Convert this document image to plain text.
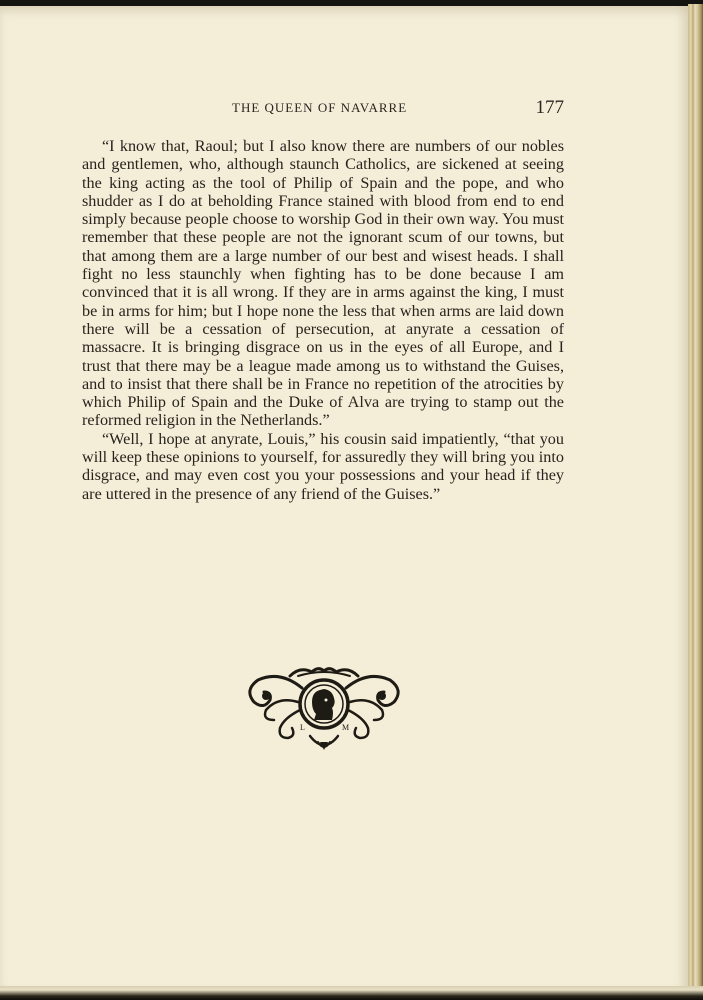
THE QUEEN OF NAVARRE	177

“I know that, Raoul; but I also know there are numbers of our nobles and gentlemen, who, although staunch Catholics, are sickened at seeing the king acting as the tool of Philip of Spain and the pope, and who shudder as I do at beholding France stained with blood from end to end simply because people choose to worship God in their own way. You must remember that these people are not the ignorant scum of our towns, but that among them are a large number of our best and wisest heads. I shall fight no less staunchly when fighting has to be done because I am convinced that it is all wrong. If they are in arms against the king, I must be in arms for him; but I hope none the less that when arms are laid down there will be a cessation of persecution, at anyrate a cessation of massacre. It is bringing disgrace on us in the eyes of all Europe, and I trust that there may be a league made among us to withstand the Guises, and to insist that there shall be in France no repetition of the atrocities by which Philip of Spain and the Duke of Alva are trying to stamp out the reformed religion in the Netherlands.”

“Well, I hope at anyrate, Louis,” his cousin said impatiently, “that you will keep these opinions to yourself, for assuredly they will bring you into disgrace, and may even cost you your possessions and your head if they are uttered in the presence of any friend of the Guises.”

L	M
